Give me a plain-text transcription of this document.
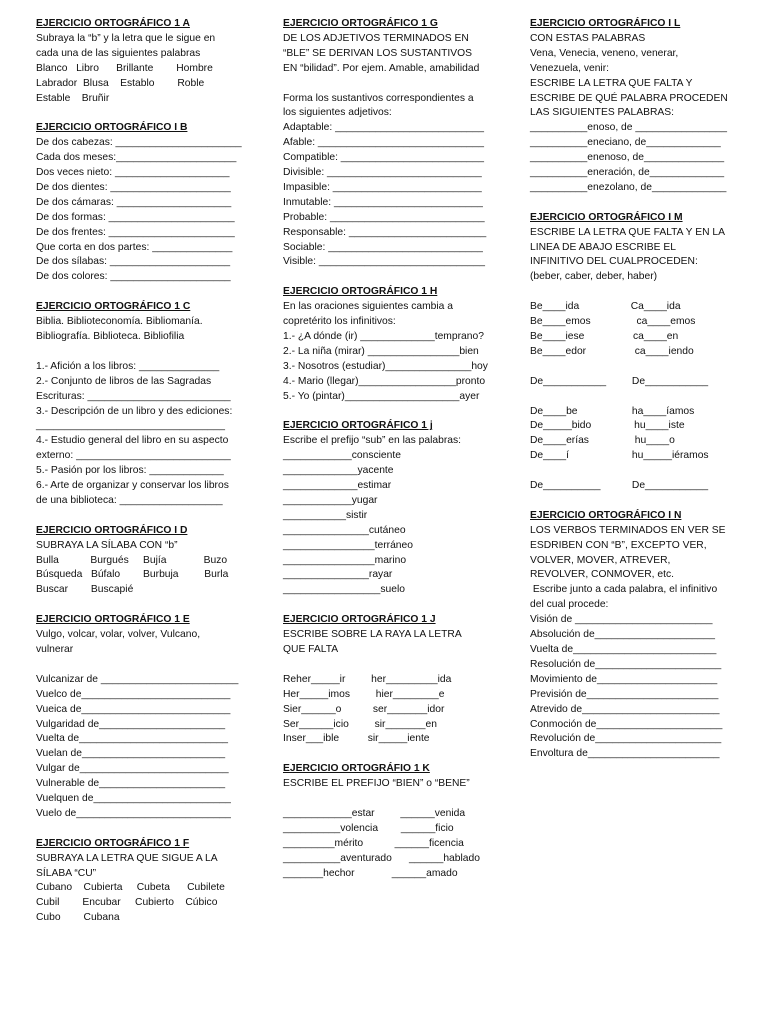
EJERCICIO ORTOGRÁFICO 1 A
Subraya la “b” y la letra que le sigue en
cada una de las siguientes palabras
Blanco   Libro      Brillante        Hombre
Labrador  Blusa    Establo        Roble
Estable    Bruñir
EJERCICIO ORTOGRÁFICO I B
De dos cabezas: ______________________
Cada dos meses:_____________________
Dos veces nieto: ____________________
De dos dientes: _____________________
De dos cámaras: ____________________
De dos formas: ______________________
De dos frentes: ______________________
Que corta en dos partes: ______________
De dos sílabas: _____________________
De dos colores: _____________________
EJERCICIO ORTOGRÁFICO 1 C
Biblia. Biblioteconomía. Bibliomanía.
Bibliografía. Biblioteca. Bibliofilia
1.- Afición a los libros: ______________
2.- Conjunto de libros de las Sagradas
Escrituras: _________________________
3.- Descripción de un libro y des ediciones:
_________________________________
4.- Estudio general del libro en su aspecto
externo: ___________________________
5.- Pasión por los libros: _____________
6.- Arte de organizar y conservar los libros
de una biblioteca: __________________
EJERCICIO ORTOGRÁFICO I D
SUBRAYA LA SÍLABA CON “b”
Bulla           Burgués     Bujía             Buzo
Búsqueda   Búfalo        Burbuja         Burla
Buscar        Buscapié
EJERCICIO ORTOGRÁFICO 1 E
Vulgo, volcar, volar, volver, Vulcano,
vulnerar
Vulcanizar de ________________________
Vuelco de__________________________
Vueica de__________________________
Vulgaridad de______________________
Vuelta de__________________________
Vuelan de_________________________
Vulgar de__________________________
Vulnerable de______________________
Vuelquen de________________________
Vuelo de___________________________
EJERCICIO ORTOGRÁFICO 1 F
SUBRAYA LA LETRA QUE SIGUE A LA
SÍLABA “CU”
Cubano    Cubierta     Cubeta      Cubilete
Cubil        Encubar     Cubierto    Cúbico
Cubo        Cubana
EJERCICIO ORTOGRÁFICO 1 G
DE LOS ADJETIVOS TERMINADOS EN
“BLE” SE DERIVAN LOS SUSTANTIVOS
EN “bilidad”. Por ejem. Amable, amabilidad
Forma los sustantivos correspondientes a
los siguientes adjetivos:
Adaptable: __________________________
Afable: _____________________________
Compatible: _________________________
Divisible: ___________________________
Impasible: __________________________
Inmutable: __________________________
Probable: ___________________________
Responsable: ________________________
Sociable: ___________________________
Visible: _____________________________
EJERCICIO ORTOGRÁFICO 1 H
En las oraciones siguientes cambia a
copretérito los infinitivos:
1.- ¿A dónde (ir) _____________temprano?
2.- La niña (mirar) ________________bien
3.- Nosotros (estudiar)_______________hoy
4.- Mario (llegar)_________________pronto
5.- Yo (pintar)____________________ayer
EJERCICIO ORTOGRÁFICO 1 j
Escribe el prefijo “sub” en las palabras:
____________consciente
_____________yacente
_____________estimar
____________yugar
___________sistir
_______________cutáneo
________________terráneo
________________marino
_______________rayar
_________________suelo
EJERCICIO ORTOGRÁFICO 1 J
ESCRIBE SOBRE LA RAYA LA LETRA
QUE FALTA
Reher_____ir         her_________ida
Her_____imos         hier________e
Sier______o           ser_______idor
Ser______icio         sir_______en
Inser___ible          sir_____iente
EJERCICIO ORTOGRÁFIO 1 K
ESCRIBE EL PREFIJO “BIEN” o “BENE”
____________estar         ______venida
__________volencia        ______ficio
_________mérito           ______ficencia
__________aventurado      ______hablado
_______hechor             ______amado
EJERCICIO ORTOGRÁFICO I L
CON ESTAS PALABRAS
Vena, Venecia, veneno, venerar,
Venezuela, venir:
ESCRIBE LA LETRA QUE FALTA Y
ESCRIBE DE QUÉ PALABRA PROCEDEN
LAS SIGUIENTES PALABRAS:
__________enoso, de ________________
__________eneciano, de_____________
__________enenoso, de______________
__________eneración, de_____________
__________enezolano, de_____________
EJERCICIO ORTOGRÁFICO I M
ESCRIBE LA LETRA QUE FALTA Y EN LA
LINEA DE ABAJO ESCRIBE EL
INFINITIVO DEL CUALPROCEDEN:
(beber, caber, deber, haber)
Be____ida                  Ca____ida
Be____emos                ca____emos
Be____iese                 ca____en
Be____edor                 ca____iendo
De___________         De___________
De____be                   ha____íamos
De_____bido               hu____iste
De____erías                hu____o
De____í                      hu_____iéramos
De__________           De___________
EJERCICIO ORTOGRÁFICO I N
LOS VERBOS TERMINADOS EN VER SE
ESDRIBEN CON “B”, EXCEPTO VER,
VOLVER, MOVER, ATREVER,
REVOLVER, CONMOVER, etc.
Escribe junto a cada palabra, el infinitivo
del cual procede:
Visión de ________________________
Absolución de_____________________
Vuelta de_________________________
Resolución de______________________
Movimiento de_____________________
Previsión de_______________________
Atrevido de________________________
Conmoción de______________________
Revolución de______________________
Envoltura de_______________________
